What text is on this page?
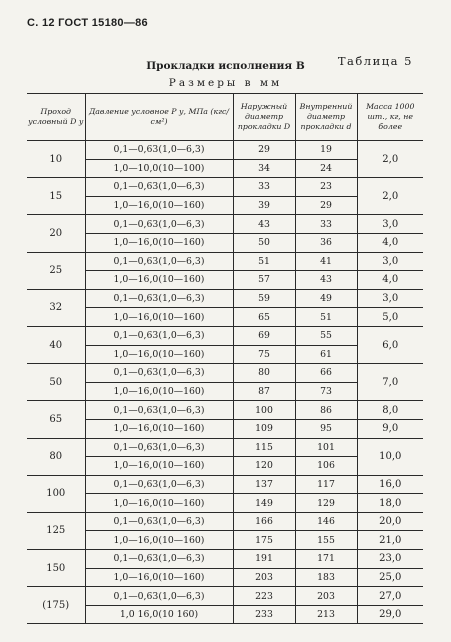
С. 12 ГОСТ 15180—86
Таблица 5
Прокладки исполнения В
Размеры в мм
Проход условный D у	Давление условное P у, МПа (кгс/см²)	Наружный диаметр прокладки D	Внутренний диаметр прокладки d	Масса 1000 шт., кг, не более
10	0,1—0,63(1,0—6,3)	29	19	2,0
	1,0—10,0(10—100)	34	24	
15	0,1—0,63(1,0—6,3)	33	23	2,0
	1,0—16,0(10—160)	39	29	
20	0,1—0,63(1,0—6,3)	43	33	3,0
	1,0—16,0(10—160)	50	36	4,0
25	0,1—0,63(1,0—6,3)	51	41	3,0
	1,0—16,0(10—160)	57	43	4,0
32	0,1—0,63(1,0—6,3)	59	49	3,0
	1,0—16,0(10—160)	65	51	5,0
40	0,1—0,63(1,0—6,3)	69	55	6,0
	1,0—16,0(10—160)	75	61	
50	0,1—0,63(1,0—6,3)	80	66	7,0
	1,0—16,0(10—160)	87	73	
65	0,1—0,63(1,0—6,3)	100	86	8,0
	1,0—16,0(10—160)	109	95	9,0
80	0,1—0,63(1,0—6,3)	115	101	10,0
	1,0—16,0(10—160)	120	106	
100	0,1—0,63(1,0—6,3)	137	117	16,0
	1,0—16,0(10—160)	149	129	18,0
125	0,1—0,63(1,0—6,3)	166	146	20,0
	1,0—16,0(10—160)	175	155	21,0
150	0,1—0,63(1,0—6,3)	191	171	23,0
	1,0—16,0(10—160)	203	183	25,0
(175)	0,1—0,63(1,0—6,3)	223	203	27,0
	1,0 16,0(10 160)	233	213	29,0
